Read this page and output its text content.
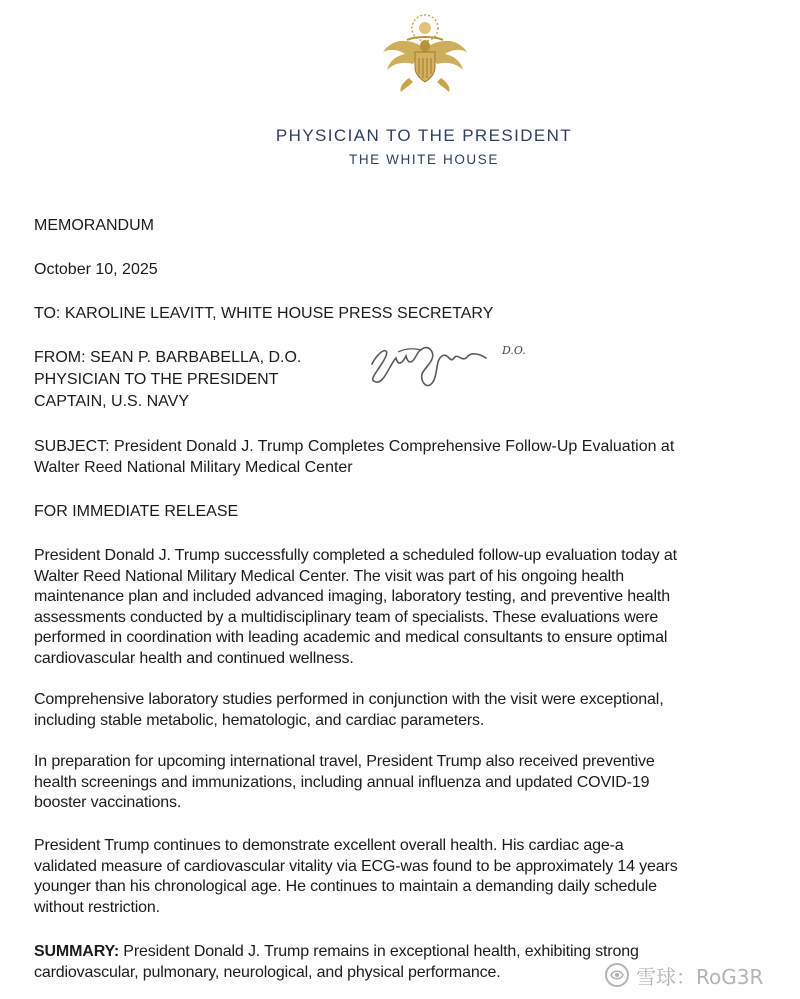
PHYSICIAN TO THE PRESIDENT
THE WHITE HOUSE
MEMORANDUM
October 10, 2025
TO: KAROLINE LEAVITT, WHITE HOUSE PRESS SECRETARY
FROM: SEAN P. BARBABELLA, D.O.
PHYSICIAN TO THE PRESIDENT
CAPTAIN, U.S. NAVY
D.O.
SUBJECT: President Donald J. Trump Completes Comprehensive Follow-Up Evaluation at
Walter Reed National Military Medical Center
FOR IMMEDIATE RELEASE
President Donald J. Trump successfully completed a scheduled follow-up evaluation today at
Walter Reed National Military Medical Center. The visit was part of his ongoing health
maintenance plan and included advanced imaging, laboratory testing, and preventive health
assessments conducted by a multidisciplinary team of specialists. These evaluations were
performed in coordination with leading academic and medical consultants to ensure optimal
cardiovascular health and continued wellness.
Comprehensive laboratory studies performed in conjunction with the visit were exceptional,
including stable metabolic, hematologic, and cardiac parameters.
In preparation for upcoming international travel, President Trump also received preventive
health screenings and immunizations, including annual influenza and updated COVID-19
booster vaccinations.
President Trump continues to demonstrate excellent overall health. His cardiac age-a
validated measure of cardiovascular vitality via ECG-was found to be approximately 14 years
younger than his chronological age. He continues to maintain a demanding daily schedule
without restriction.
SUMMARY: President Donald J. Trump remains in exceptional health, exhibiting strong
cardiovascular, pulmonary, neurological, and physical performance.	雪球：RoG3R
